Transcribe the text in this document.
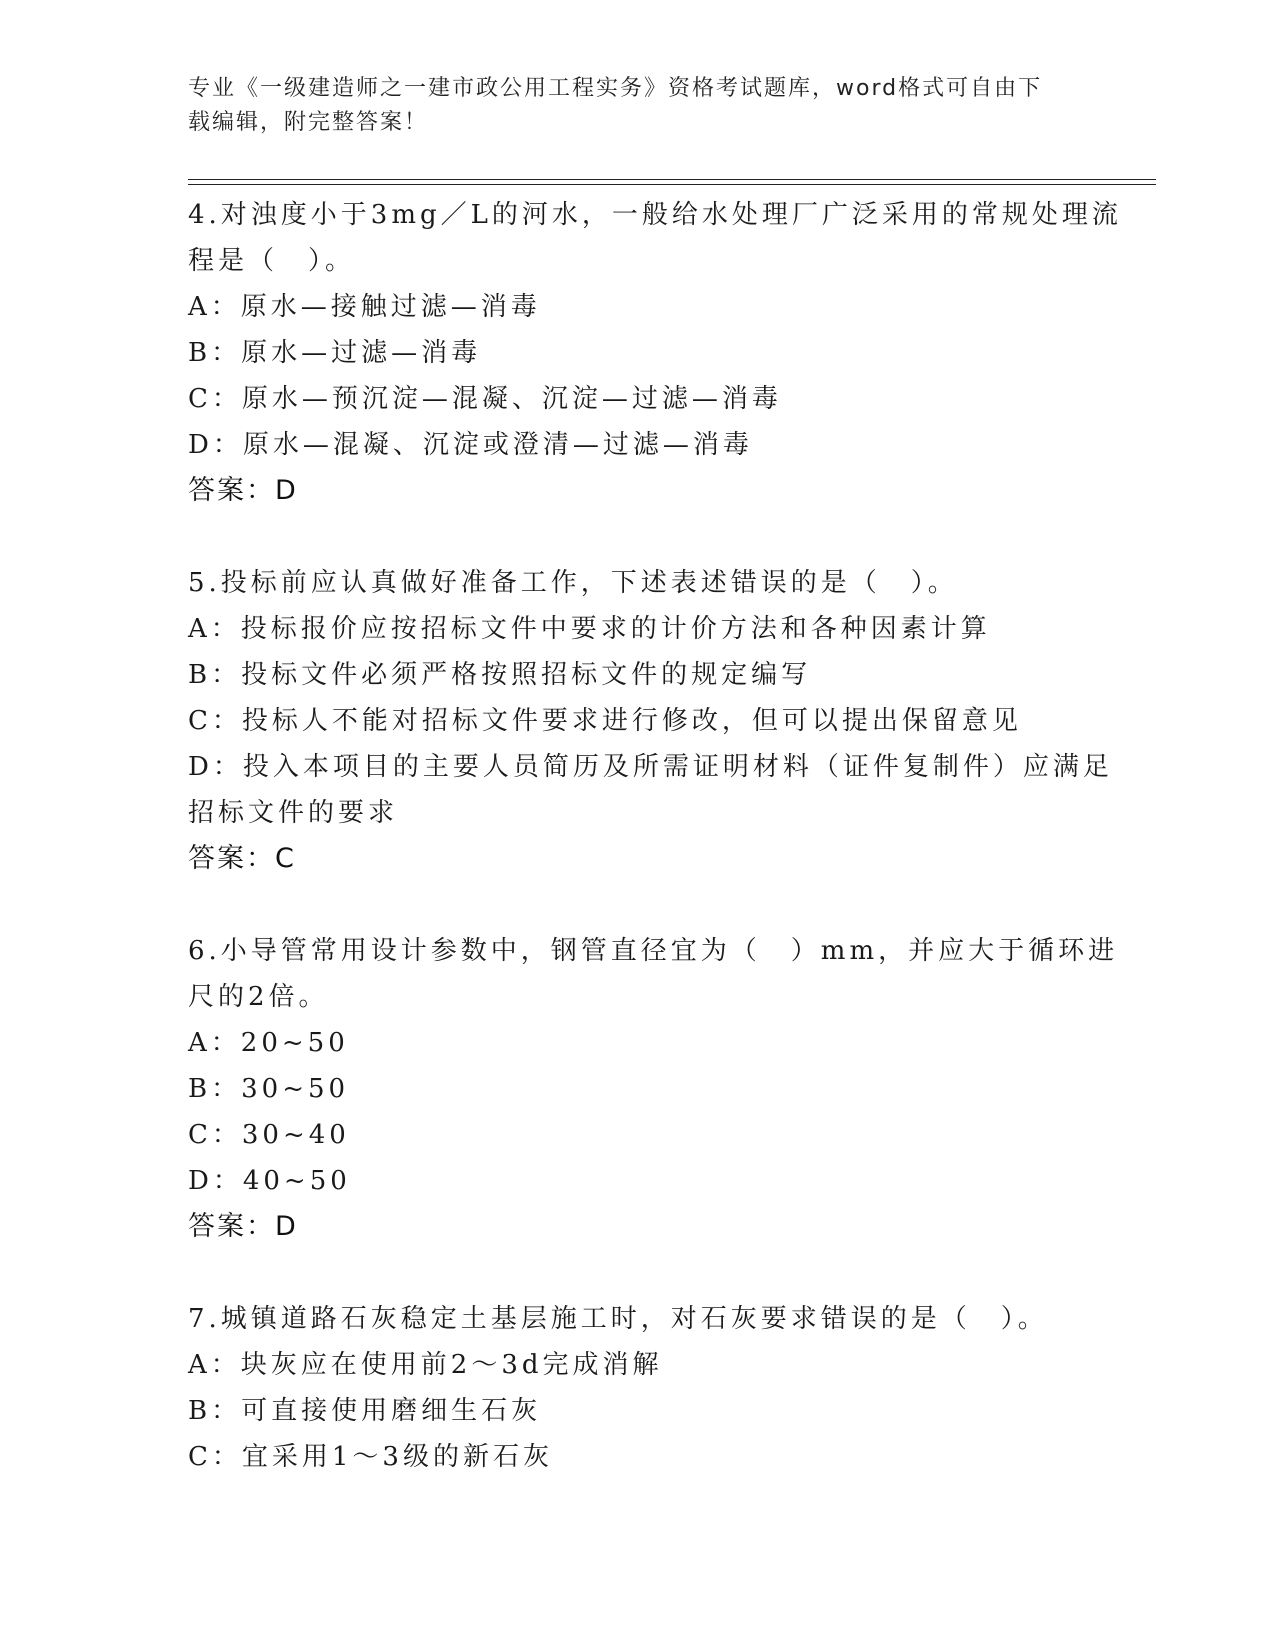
专业《一级建造师之一建市政公用工程实务》资格考试题库，word格式可自由下
载编辑，附完整答案！
4.对浊度小于3mg／L的河水，一般给水处理厂广泛采用的常规处理流
程是（　）。
A：原水—接触过滤—消毒
B：原水—过滤—消毒
C：原水—预沉淀—混凝、沉淀—过滤—消毒
D：原水—混凝、沉淀或澄清—过滤—消毒
答案：D
5.投标前应认真做好准备工作，下述表述错误的是（　）。
A：投标报价应按招标文件中要求的计价方法和各种因素计算
B：投标文件必须严格按照招标文件的规定编写
C：投标人不能对招标文件要求进行修改，但可以提出保留意见
D：投入本项目的主要人员简历及所需证明材料（证件复制件）应满足
招标文件的要求
答案：C
6.小导管常用设计参数中，钢管直径宜为（　）mm，并应大于循环进
尺的2倍。
A：20~50
B：30~50
C：30~40
D：40~50
答案：D
7.城镇道路石灰稳定土基层施工时，对石灰要求错误的是（　）。
A：块灰应在使用前2～3d完成消解
B：可直接使用磨细生石灰
C：宜采用1～3级的新石灰
